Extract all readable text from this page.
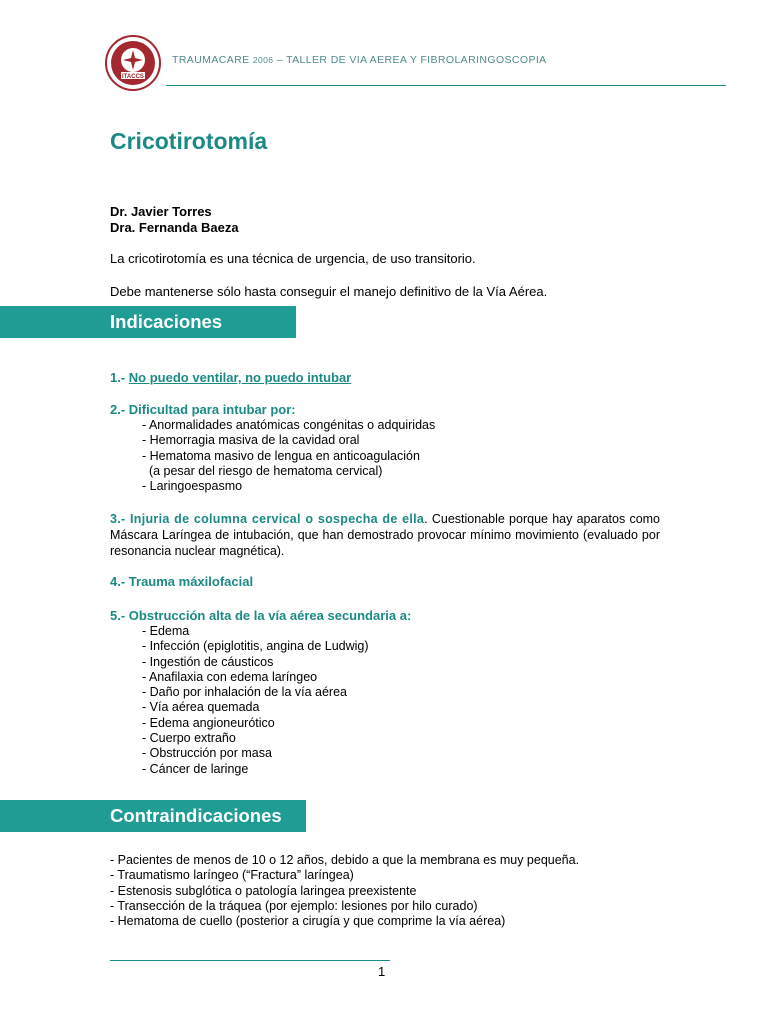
ITACCS
TRAUMACARE 2006 – TALLER DE VIA AEREA Y FIBROLARINGOSCOPIA
Cricotirotomía
Dr. Javier Torres
Dra. Fernanda Baeza
La cricotirotomía es una técnica de urgencia, de uso transitorio.
Debe mantenerse sólo hasta conseguir el manejo definitivo de la Vía Aérea.
Indicaciones
1.- No puedo ventilar, no puedo intubar
2.- Dificultad para intubar por:
- Anormalidades anatómicas congénitas o adquiridas
- Hemorragia masiva de la cavidad oral
- Hematoma masivo de lengua en anticoagulación
(a pesar del riesgo de hematoma cervical)
- Laringoespasmo
3.- Injuria de columna cervical o sospecha de ella. Cuestionable porque hay aparatos como Máscara Laríngea de intubación, que han demostrado provocar mínimo movimiento (evaluado por resonancia nuclear magnética).
4.- Trauma máxilofacial
5.- Obstrucción alta de la vía aérea secundaria a:
- Edema
- Infección (epiglotitis, angina de Ludwig)
- Ingestión de cáusticos
- Anafilaxia con edema laríngeo
- Daño por inhalación de la vía aérea
- Vía aérea quemada
- Edema angioneurótico
- Cuerpo extraño
- Obstrucción por masa
- Cáncer de laringe
Contraindicaciones
- Pacientes de menos de 10 o 12 años, debido a que la membrana es muy pequeña.
- Traumatismo laríngeo (“Fractura” laríngea)
- Estenosis subglótica o patología laringea preexistente
- Transección de la tráquea (por ejemplo: lesiones por hilo curado)
- Hematoma de cuello (posterior a cirugía y que comprime la vía aérea)
1
